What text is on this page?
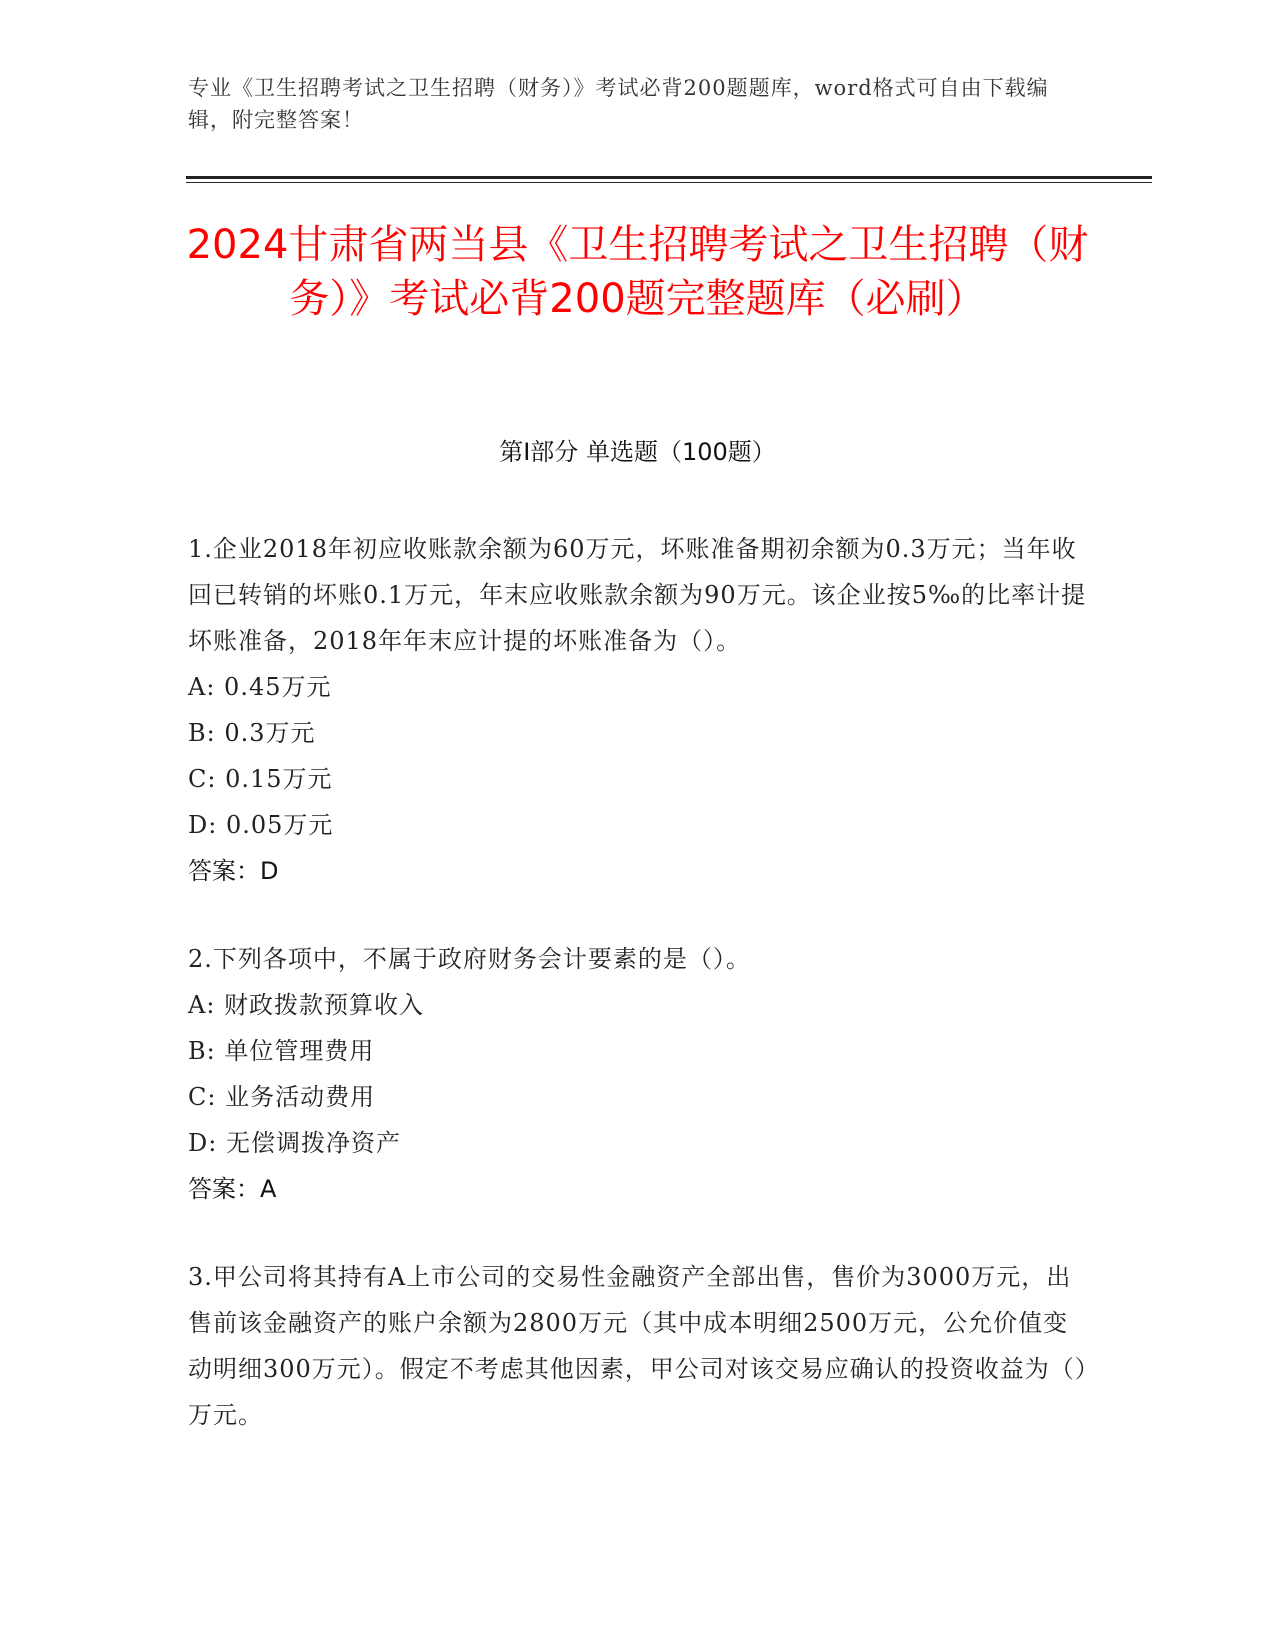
专业《卫生招聘考试之卫生招聘（财务）》考试必背200题题库，word格式可自由下载编辑，附完整答案！
2024甘肃省两当县《卫生招聘考试之卫生招聘（财务）》考试必背200题完整题库（必刷）
第I部分 单选题（100题）

1.企业2018年初应收账款余额为60万元，坏账准备期初余额为0.3万元；当年收回已转销的坏账0.1万元，年末应收账款余额为90万元。该企业按5‰的比率计提坏账准备，2018年年末应计提的坏账准备为（）。

A: 0.45万元

B: 0.3万元

C: 0.15万元

D: 0.05万元

答案：D

2.下列各项中，不属于政府财务会计要素的是（）。

A: 财政拨款预算收入

B: 单位管理费用

C: 业务活动费用

D: 无偿调拨净资产

答案：A

3.甲公司将其持有A上市公司的交易性金融资产全部出售，售价为3000万元，出售前该金融资产的账户余额为2800万元（其中成本明细2500万元，公允价值变动明细300万元）。假定不考虑其他因素，甲公司对该交易应确认的投资收益为（）万元。
